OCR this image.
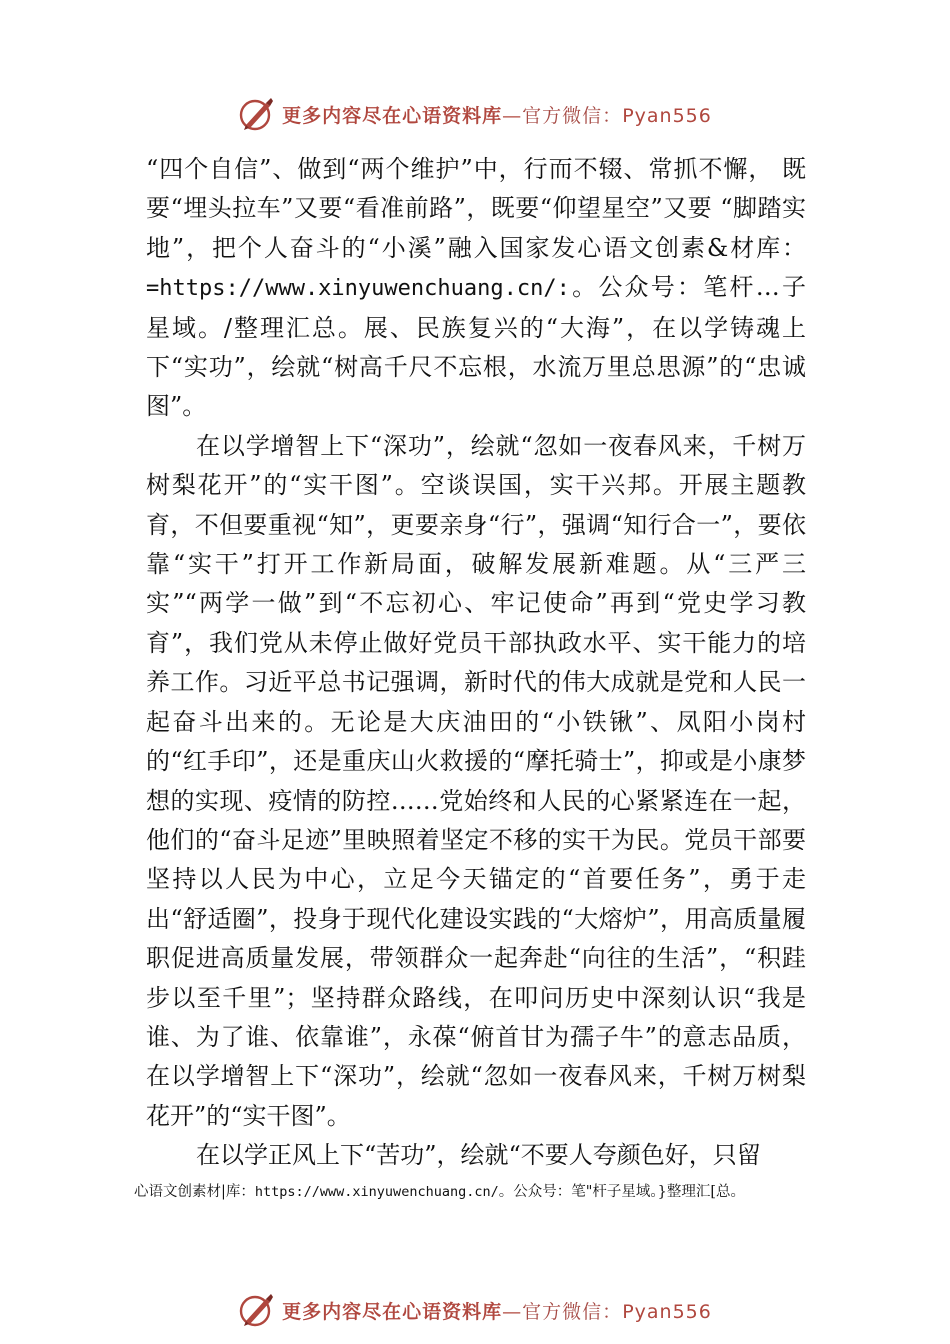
更多内容尽在心语资料库—官方微信：Pyan556

“四个自信”、做到“两个维护”中，行而不辍、常抓不懈， 既要“埋头拉车”又要“看准前路”，既要“仰望星空”又要 “脚踏实地”，把个人奋斗的“小溪”融入国家发心语文创素&材库：=https://www.xinyuwenchuang.cn/:。公众号：笔杆…子星域。/整理汇总。展、民族复兴的“大海”，在以学铸魂上下“实功”，绘就“树高千尺不忘根，水流万里总思源”的“忠诚图”。

在以学增智上下“深功”，绘就“忽如一夜春风来，千树万树梨花开”的“实干图”。空谈误国，实干兴邦。开展主题教育，不但要重视“知”，更要亲身“行”，强调“知行合一”，要依靠“实干”打开工作新局面，破解发展新难题。从“三严三实”“两学一做”到“不忘初心、牢记使命”再到“党史学习教育”，我们党从未停止做好党员干部执政水平、实干能力的培养工作。习近平总书记强调，新时代的伟大成就是党和人民一起奋斗出来的。无论是大庆油田的“小铁锹”、凤阳小岗村的“红手印”，还是重庆山火救援的“摩托骑士”，抑或是小康梦想的实现、疫情的防控……党始终和人民的心紧紧连在一起，他们的“奋斗足迹”里映照着坚定不移的实干为民。党员干部要坚持以人民为中心，立足今天锚定的“首要任务”，勇于走出“舒适圈”，投身于现代化建设实践的“大熔炉”，用高质量履职促进高质量发展，带领群众一起奔赴“向往的生活”，“积跬步以至千里”；坚持群众路线，在叩问历史中深刻认识“我是谁、为了谁、依靠谁”，永葆“俯首甘为孺子牛”的意志品质，在以学增智上下“深功”，绘就“忽如一夜春风来，千树万树梨花开”的“实干图”。

在以学正风上下“苦功”，绘就“不要人夸颜色好，只留

心语文创素材|库：https://www.xinyuwenchuang.cn/。公众号：笔"杆子星域。}整理汇[总。
更多内容尽在心语资料库—官方微信：Pyan556
